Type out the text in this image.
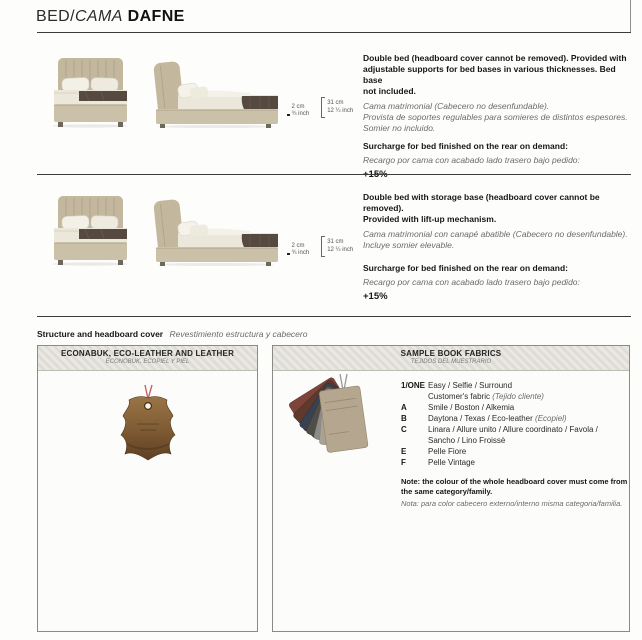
BED/CAMA DAFNE
2 cm
¾ inch
31 cm
12 ¼ inch

Double bed (headboard cover cannot be removed). Provided with
adjustable supports for bed bases in various thicknesses. Bed base
not included.

Cama matrimonial (Cabecero no desenfundable).
Provista de soportes regulables para somieres de distintos espesores.
Somier no incluido.

Surcharge for bed finished on the rear on demand:

Recargo por cama con acabado lado trasero bajo pedido:

2 cm
¾ inch
31 cm
12 ¼ inch

Double bed with storage base (headboard cover cannot be removed).
Provided with lift-up mechanism.

Cama matrimonial con canapé abatible (Cabecero no desenfundable).
Incluye somier elevable.

Surcharge for bed finished on the rear on demand:

Recargo por cama con acabado lado trasero bajo pedido:

+15%

Structure and headboard cover Revestimiento estructura y cabecero
ECONABUK, ECO-LEATHER AND LEATHER
ECONOBUK, ECOPIEL Y PIEL
SAMPLE BOOK FABRICS
TEJIDOS DEL MUESTRARIO
1/ONE Easy / Selfie / Surround
Customer's fabric (Tejido cliente)
A	Smile / Boston / Alkemia
B	Daytona / Texas / Eco-leather (Ecopiel)
C	Linara / Allure unito / Allure coordinato / Favola /
Sancho / Lino Froissè
E	Pelle Fiore
F	Pelle Vintage

Note: the colour of the whole headboard cover must come from the same category/family.

Nota: para color cabecero externo/interno misma categoria/familia.
